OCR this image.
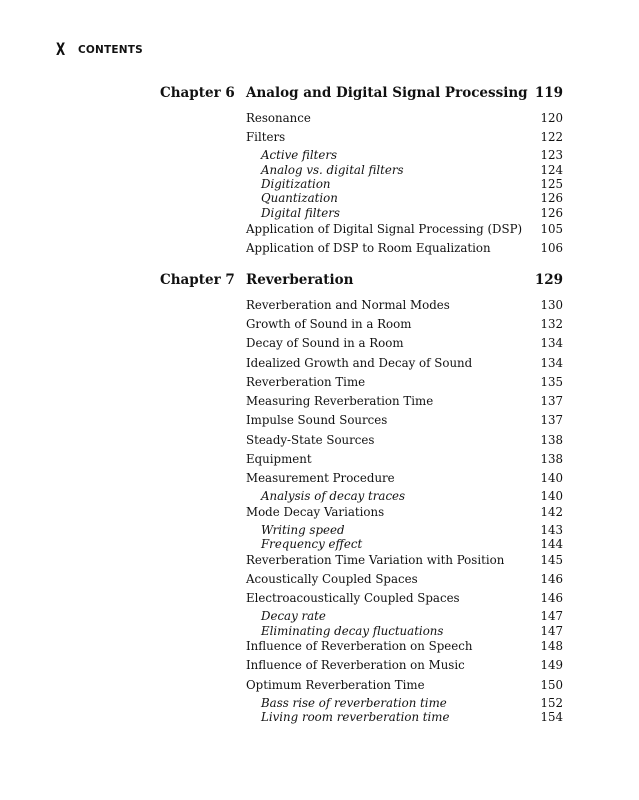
X CONTENTS
Chapter 6 Analog and Digital Signal Processing 119
Resonance	120
Filters	122
Active filters	123
Analog vs. digital filters	124
Digitization	125
Quantization	126
Digital filters	126
Application of Digital Signal Processing (DSP) 105
Application of DSP to Room Equalization	106
Chapter 7 Reverberation	129
Reverberation and Normal Modes	130
Growth of Sound in a Room	132
Decay of Sound in a Room	134
Idealized Growth and Decay of Sound	134
Reverberation Time	135
Measuring Reverberation Time	137
Impulse Sound Sources	137
Steady-State Sources	138
Equipment	138
Measurement Procedure	140
Analysis of decay traces	140
Mode Decay Variations	142
Writing speed	143
Frequency effect	144
Reverberation Time Variation with Position	145
Acoustically Coupled Spaces	146
Electroacoustically Coupled Spaces	146
Decay rate	147
Eliminating decay fluctuations	147
Influence of Reverberation on Speech	148
Influence of Reverberation on Music	149
Optimum Reverberation Time	150
Bass rise of reverberation time	152
Living room reverberation time	154
